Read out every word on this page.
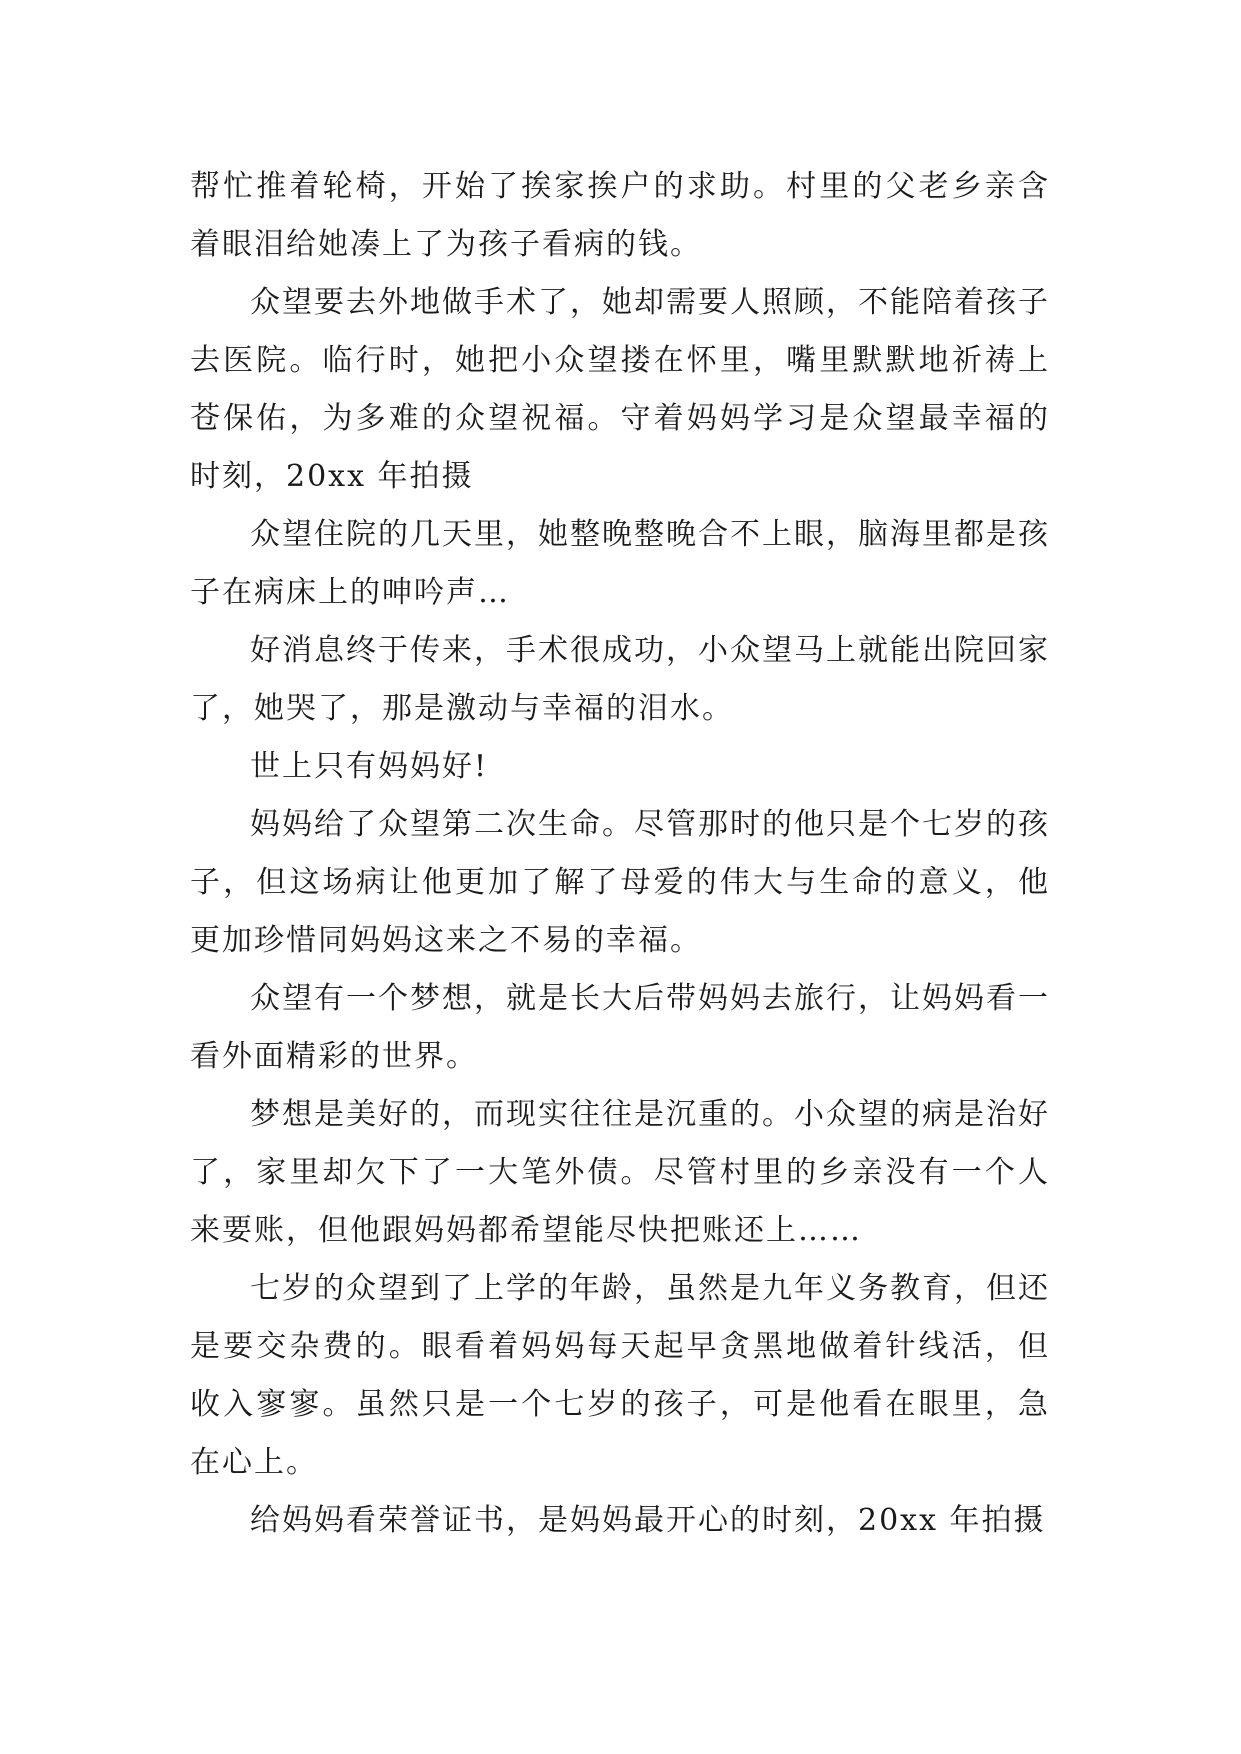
帮忙推着轮椅，开始了挨家挨户的求助。村里的父老乡亲含着眼泪给她凑上了为孩子看病的钱。

众望要去外地做手术了，她却需要人照顾，不能陪着孩子去医院。临行时，她把小众望搂在怀里，嘴里默默地祈祷上苍保佑，为多难的众望祝福。守着妈妈学习是众望最幸福的时刻，20xx 年拍摄

众望住院的几天里，她整晚整晚合不上眼，脑海里都是孩子在病床上的呻吟声…

好消息终于传来，手术很成功，小众望马上就能出院回家了，她哭了，那是激动与幸福的泪水。

世上只有妈妈好!

妈妈给了众望第二次生命。尽管那时的他只是个七岁的孩子，但这场病让他更加了解了母爱的伟大与生命的意义，他更加珍惜同妈妈这来之不易的幸福。

众望有一个梦想，就是长大后带妈妈去旅行，让妈妈看一看外面精彩的世界。

梦想是美好的，而现实往往是沉重的。小众望的病是治好了，家里却欠下了一大笔外债。尽管村里的乡亲没有一个人来要账，但他跟妈妈都希望能尽快把账还上……

七岁的众望到了上学的年龄，虽然是九年义务教育，但还是要交杂费的。眼看着妈妈每天起早贪黑地做着针线活，但收入寥寥。虽然只是一个七岁的孩子，可是他看在眼里，急在心上。

给妈妈看荣誉证书，是妈妈最开心的时刻，20xx 年拍摄
